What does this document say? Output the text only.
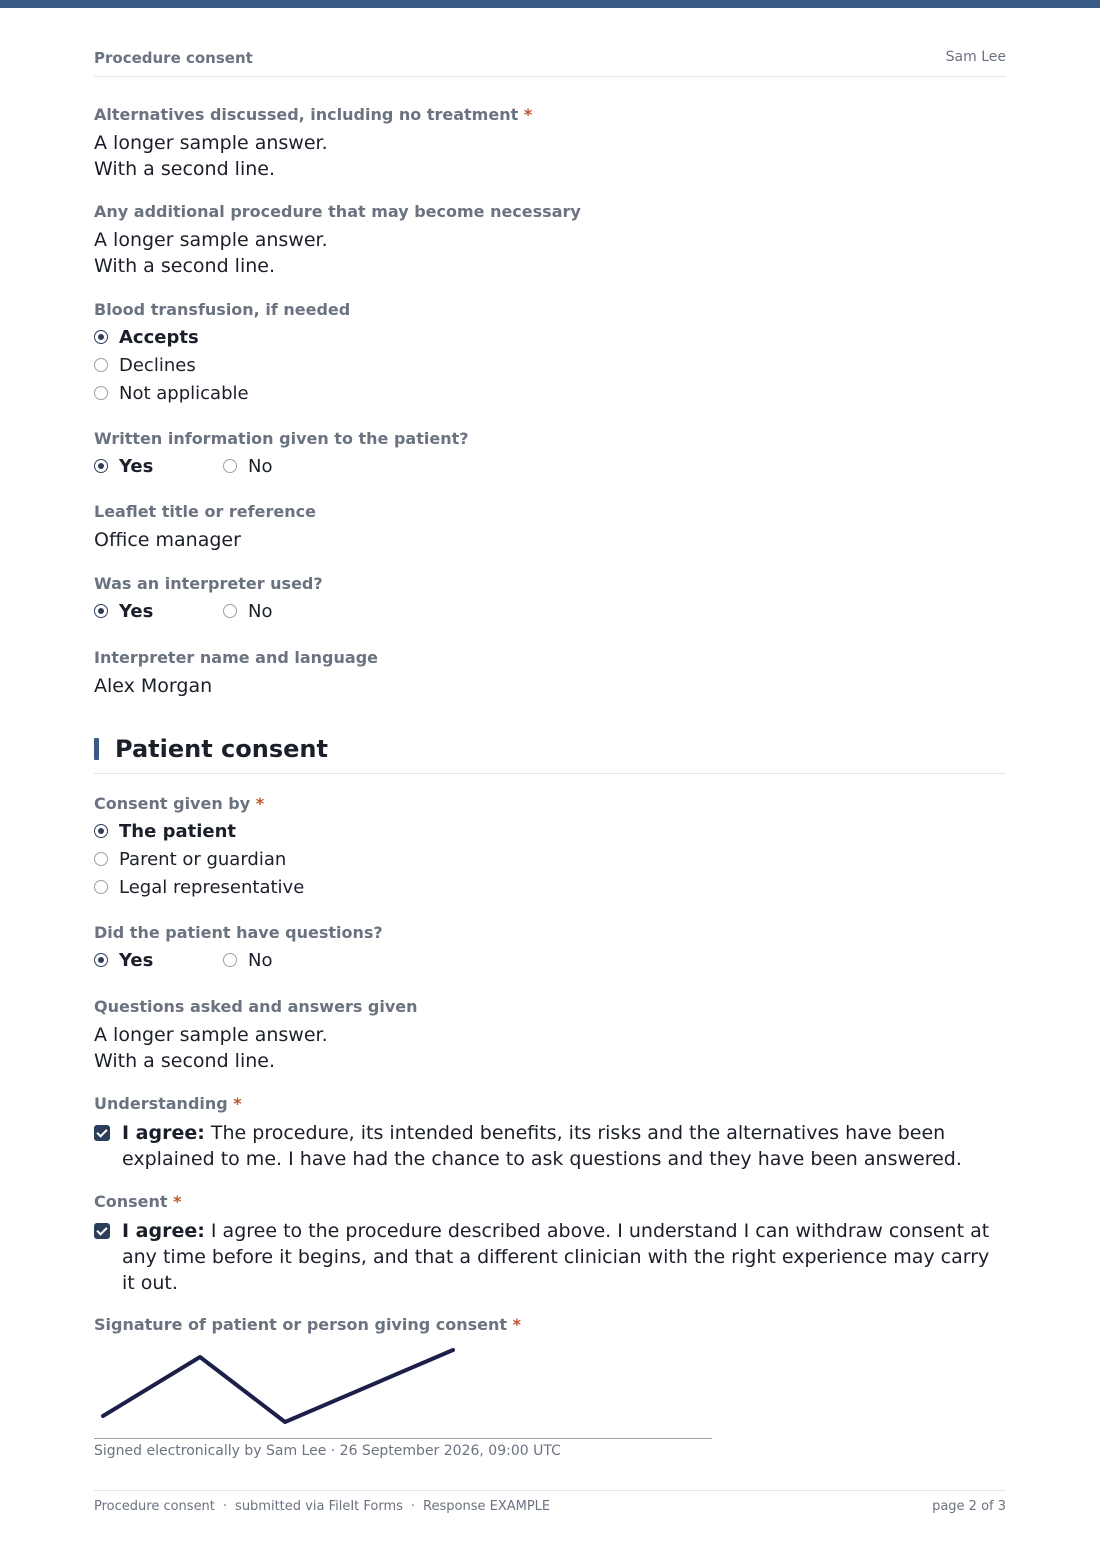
Procedure consent	Sam Lee
Alternatives discussed, including no treatment *
A longer sample answer.
With a second line.
Any additional procedure that may become necessary
A longer sample answer.
With a second line.
Blood transfusion, if needed
Accepts
Declines
Not applicable
Written information given to the patient?
Yes	No
Leaflet title or reference
Office manager
Was an interpreter used?
Yes	No
Interpreter name and language
Alex Morgan
Patient consent
Consent given by *
The patient
Parent or guardian
Legal representative
Did the patient have questions?
Yes	No
Questions asked and answers given
A longer sample answer.
With a second line.
Understanding *
I agree: The procedure, its intended benefits, its risks and the alternatives have been explained to me. I have had the chance to ask questions and they have been answered.
Consent *
I agree: I agree to the procedure described above. I understand I can withdraw consent at any time before it begins, and that a different clinician with the right experience may carry it out.
Signature of patient or person giving consent *
Signed electronically by Sam Lee · 26 September 2026, 09:00 UTC
Procedure consent · submitted via FileIt Forms · Response EXAMPLE	page 2 of 3
